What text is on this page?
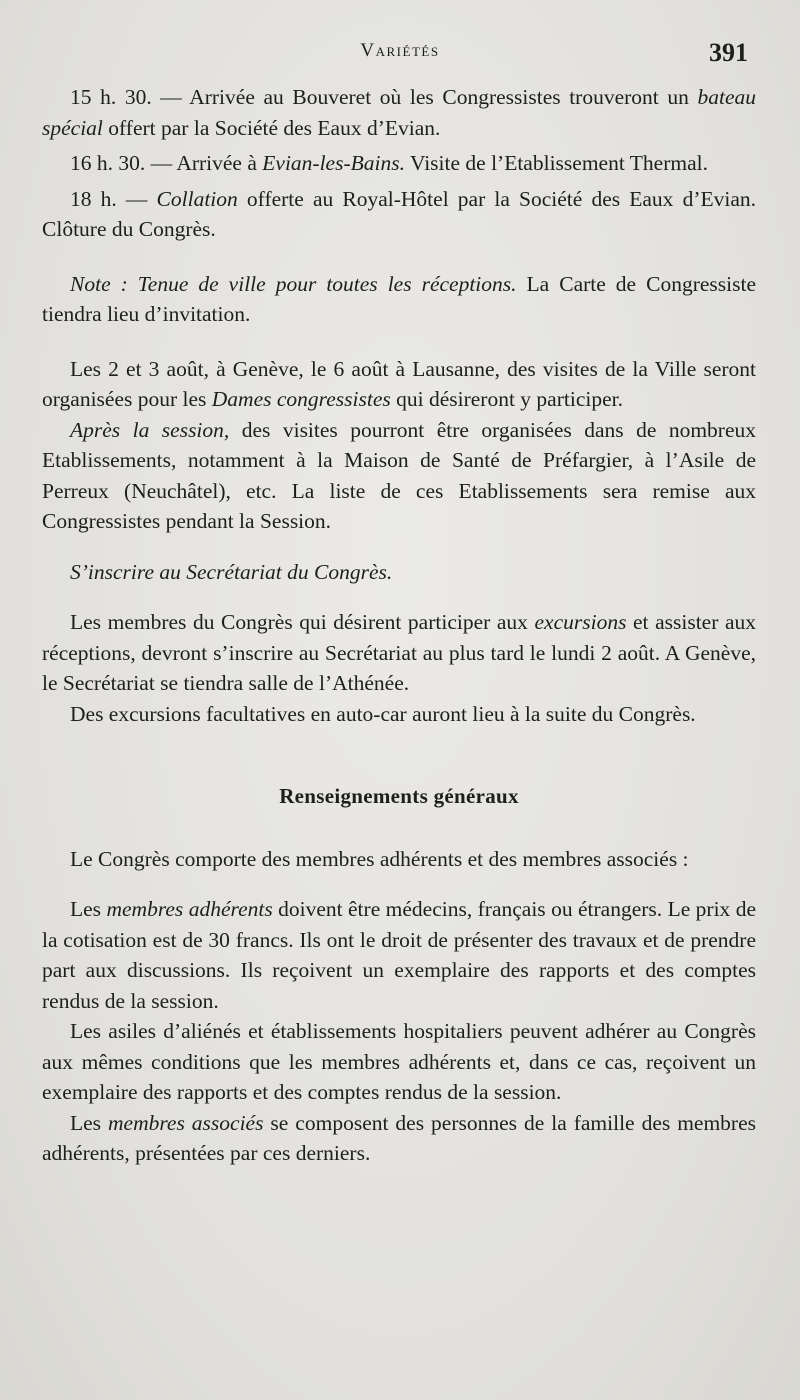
Variétés	391

15 h. 30. — Arrivée au Bouveret où les Congressistes trouveront un bateau spécial offert par la Société des Eaux d’Evian.

16 h. 30. — Arrivée à Evian-les-Bains. Visite de l’Etablissement Thermal.

18 h. — Collation offerte au Royal-Hôtel par la Société des Eaux d’Evian. Clôture du Congrès.

Note : Tenue de ville pour toutes les réceptions. La Carte de Congressiste tiendra lieu d’invitation.

Les 2 et 3 août, à Genève, le 6 août à Lausanne, des visites de la Ville seront organisées pour les Dames congressistes qui désireront y participer.

Après la session, des visites pourront être organisées dans de nombreux Etablissements, notamment à la Maison de Santé de Préfargier, à l’Asile de Perreux (Neuchâtel), etc. La liste de ces Etablissements sera remise aux Congressistes pendant la Session.

S’inscrire au Secrétariat du Congrès.

Les membres du Congrès qui désirent participer aux excursions et assister aux réceptions, devront s’inscrire au Secrétariat au plus tard le lundi 2 août. A Genève, le Secrétariat se tiendra salle de l’Athénée.

Des excursions facultatives en auto-car auront lieu à la suite du Congrès.

Renseignements généraux

Le Congrès comporte des membres adhérents et des membres associés :

Les membres adhérents doivent être médecins, français ou étrangers. Le prix de la cotisation est de 30 francs. Ils ont le droit de présenter des travaux et de prendre part aux discussions. Ils reçoivent un exemplaire des rapports et des comptes rendus de la session.

Les asiles d’aliénés et établissements hospitaliers peuvent adhérer au Congrès aux mêmes conditions que les membres adhérents et, dans ce cas, reçoivent un exemplaire des rapports et des comptes rendus de la session.

Les membres associés se composent des personnes de la famille des membres adhérents, présentées par ces derniers.
